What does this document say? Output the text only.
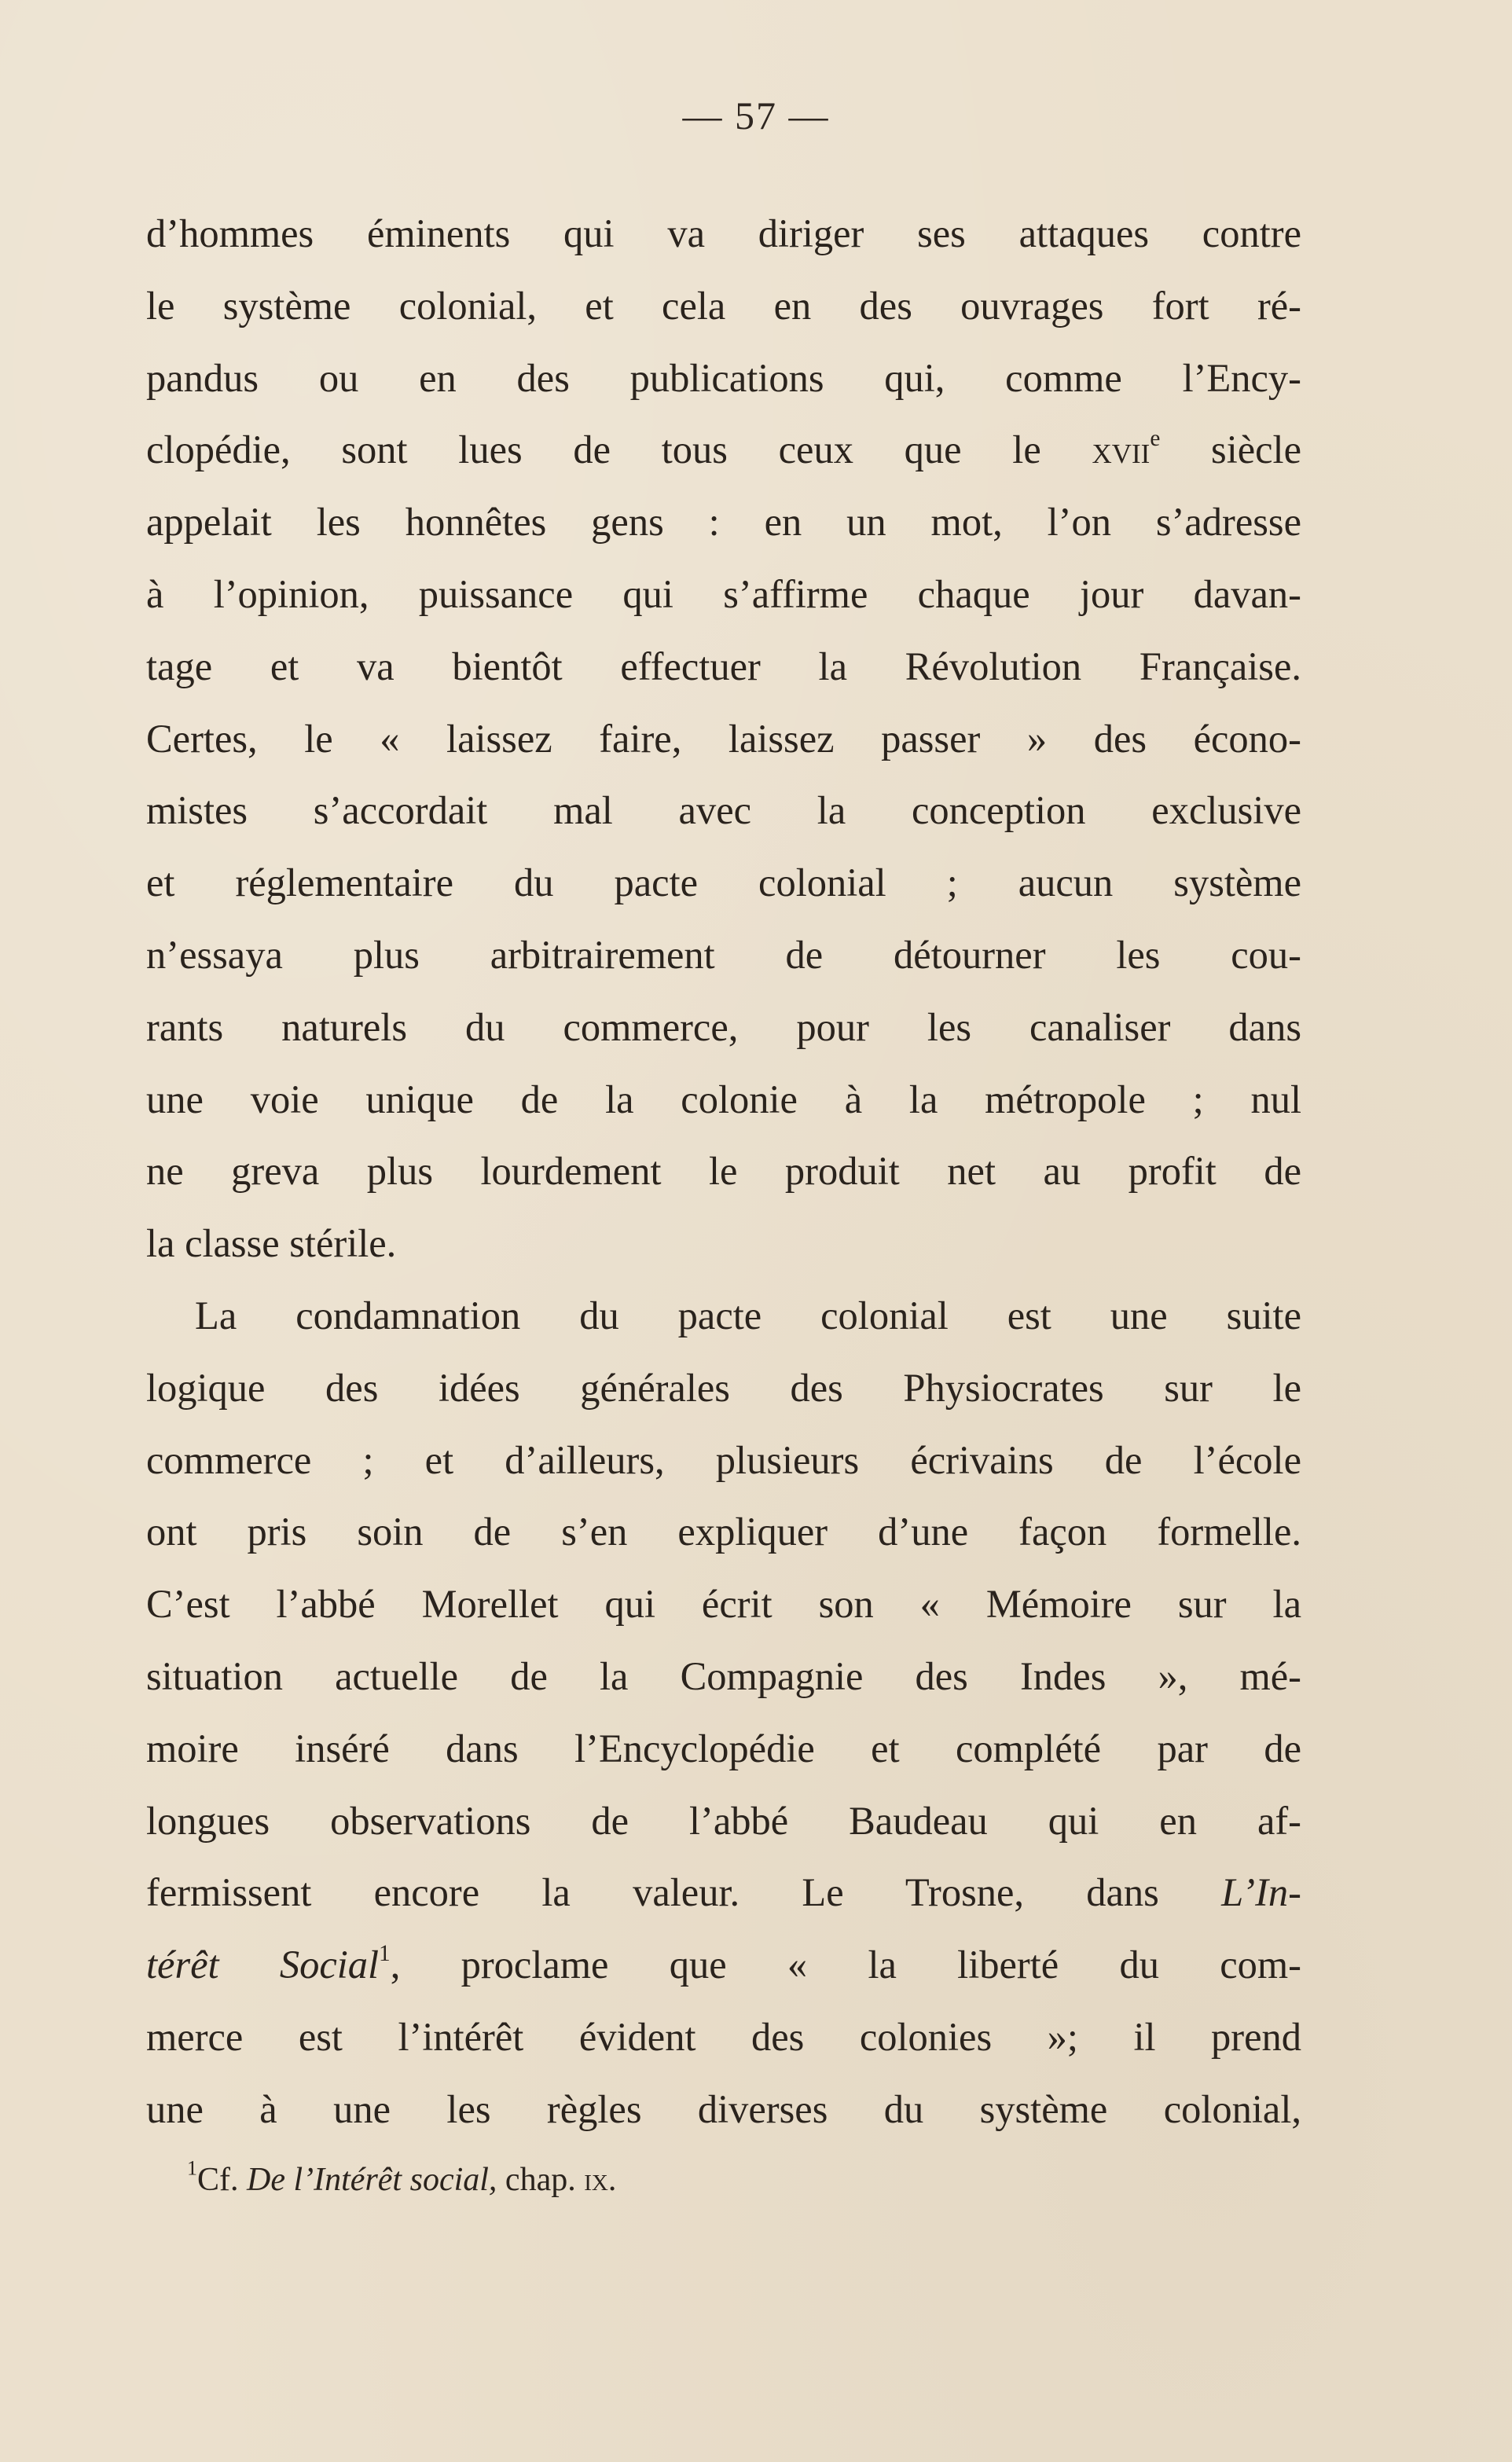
— 57 —
d’hommes éminents qui va diriger ses attaques contre
le système colonial, et cela en des ouvrages fort ré-
pandus ou en des publications qui, comme l’Ency-
clopédie, sont lues de tous ceux que le xvii$^e$ siècle
appelait les honnêtes gens : en un mot, l’on s’adresse
à l’opinion, puissance qui s’affirme chaque jour davan-
tage et va bientôt effectuer la Révolution Française.
Certes, le « laissez faire, laissez passer » des écono-
mistes s’accordait mal avec la conception exclusive
et réglementaire du pacte colonial ; aucun système
n’essaya plus arbitrairement de détourner les cou-
rants naturels du commerce, pour les canaliser dans
une voie unique de la colonie à la métropole ; nul
ne greva plus lourdement le produit net au profit de
la classe stérile.
La condamnation du pacte colonial est une suite
logique des idées générales des Physiocrates sur le
commerce ; et d’ailleurs, plusieurs écrivains de l’école
ont pris soin de s’en expliquer d’une façon formelle.
C’est l’abbé Morellet qui écrit son « Mémoire sur la
situation actuelle de la Compagnie des Indes », mé-
moire inséré dans l’Encyclopédie et complété par de
longues observations de l’abbé Baudeau qui en af-
fermissent encore la valeur. Le Trosne, dans L’In-
térêt Social$^1$, proclame que « la liberté du com-
merce est l’intérêt évident des colonies »; il prend
une à une les règles diverses du système colonial,
$^1$Cf. De l’Intérêt social, chap. ix.
